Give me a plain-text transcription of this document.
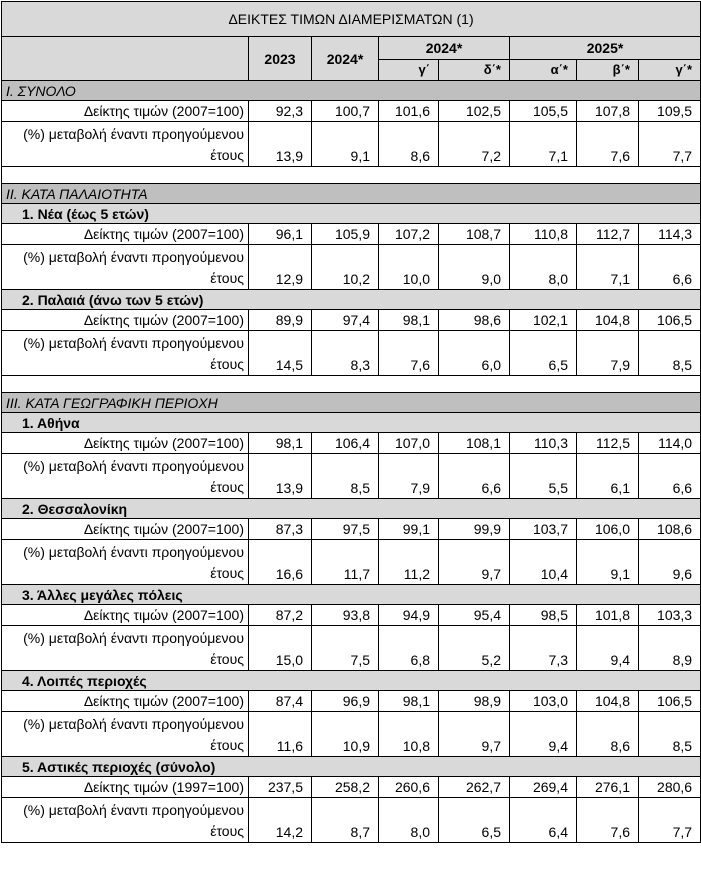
ΔΕΙΚΤΕΣ ΤΙΜΩΝ ΔΙΑΜΕΡΙΣΜΑΤΩΝ (1)							
	2023	2024*	2024*		2025*		
			γ΄	δ΄*	α΄*	β΄*	γ΄*
I. ΣΥΝΟΛΟ							
Δείκτης τιμών (2007=100)	92,3	100,7	101,6	102,5	105,5	107,8	109,5
(%) μεταβολή έναντι προηγούμενου έτους	13,9	9,1	8,6	7,2	7,1	7,6	7,7

II. ΚΑΤΑ ΠΑΛΑΙΟΤΗΤΑ							
1. Νέα (έως 5 ετών)							
Δείκτης τιμών (2007=100)	96,1	105,9	107,2	108,7	110,8	112,7	114,3
(%) μεταβολή έναντι προηγούμενου έτους	12,9	10,2	10,0	9,0	8,0	7,1	6,6
2. Παλαιά (άνω των 5 ετών)							
Δείκτης τιμών (2007=100)	89,9	97,4	98,1	98,6	102,1	104,8	106,5
(%) μεταβολή έναντι προηγούμενου έτους	14,5	8,3	7,6	6,0	6,5	7,9	8,5

III. ΚΑΤΑ ΓΕΩΓΡΑΦΙΚΗ ΠΕΡΙΟΧΗ							
1. Αθήνα							
Δείκτης τιμών (2007=100)	98,1	106,4	107,0	108,1	110,3	112,5	114,0
(%) μεταβολή έναντι προηγούμενου έτους	13,9	8,5	7,9	6,6	5,5	6,1	6,6
2. Θεσσαλονίκη							
Δείκτης τιμών (2007=100)	87,3	97,5	99,1	99,9	103,7	106,0	108,6
(%) μεταβολή έναντι προηγούμενου έτους	16,6	11,7	11,2	9,7	10,4	9,1	9,6
3. Άλλες μεγάλες πόλεις							
Δείκτης τιμών (2007=100)	87,2	93,8	94,9	95,4	98,5	101,8	103,3
(%) μεταβολή έναντι προηγούμενου έτους	15,0	7,5	6,8	5,2	7,3	9,4	8,9
4. Λοιπές περιοχές							
Δείκτης τιμών (2007=100)	87,4	96,9	98,1	98,9	103,0	104,8	106,5
(%) μεταβολή έναντι προηγούμενου έτους	11,6	10,9	10,8	9,7	9,4	8,6	8,5
5. Αστικές περιοχές (σύνολο)							
Δείκτης τιμών (1997=100)	237,5	258,2	260,6	262,7	269,4	276,1	280,6
(%) μεταβολή έναντι προηγούμενου έτους	14,2	8,7	8,0	6,5	6,4	7,6	7,7
